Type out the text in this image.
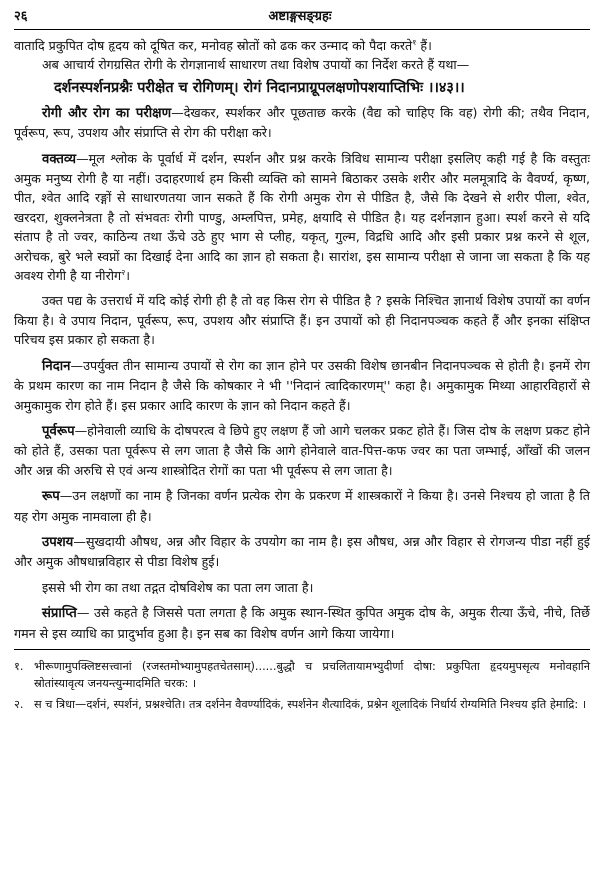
२६	अष्टाङ्गसङ्ग्रहः

वातादि प्रकुपित दोष हृदय को दूषित कर, मनोवह स्रोतों को ढक कर उन्माद को पैदा करते$^१$ हैं।

अब आचार्य रोगग्रसित रोगी के रोगज्ञानार्थ साधारण तथा विशेष उपायों का निर्देश करते हैं यथा—

दर्शनस्पर्शनप्रश्नैः परीक्षेत च रोगिणम्। रोगं निदानप्राग्रूपलक्षणोपशयाप्तिभिः ।।४३।।

रोगी और रोग का परीक्षण—देखकर, स्पर्शकर और पूछताछ करके (वैद्य को चाहिए कि वह) रोगी की; तथैव निदान, पूर्वरूप, रूप, उपशय और संप्राप्ति से रोग की परीक्षा करे।

वक्तव्य—मूल श्लोक के पूर्वार्ध में दर्शन, स्पर्शन और प्रश्न करके त्रिविध सामान्य परीक्षा इसलिए कही गई है कि वस्तुतः अमुक मनुष्य रोगी है या नहीं। उदाहरणार्थ हम किसी व्यक्ति को सामने बिठाकर उसके शरीर और मलमूत्रादि के वैवर्ण्य, कृष्ण, पीत, श्वेत आदि रङ्गों से साधारणतया जान सकते हैं कि रोगी अमुक रोग से पीडित है, जैसे कि देखने से शरीर पीला, श्वेत, खरदरा, शुक्लनेत्रता है तो संभवतः रोगी पाण्डु, अम्लपित्त, प्रमेह, क्षयादि से पीडित है। यह दर्शनज्ञान हुआ। स्पर्श करने से यदि संताप है तो ज्वर, काठिन्य तथा ऊँचे उठे हुए भाग से प्लीह, यकृत्, गुल्म, विद्रधि आदि और इसी प्रकार प्रश्न करने से शूल, अरोचक, बुरे भले स्वप्नों का दिखाई देना आदि का ज्ञान हो सकता है। सारांश, इस सामान्य परीक्षा से जाना जा सकता है कि यह अवश्य रोगी है या नीरोग$^२$।

उक्त पद्य के उत्तरार्ध में यदि कोई रोगी ही है तो वह किस रोग से पीडित है ? इसके निश्चित ज्ञानार्थ विशेष उपायों का वर्णन किया है। वे उपाय निदान, पूर्वरूप, रूप, उपशय और संप्राप्ति हैं। इन उपायों को ही निदानपञ्चक कहते हैं और इनका संक्षिप्त परिचय इस प्रकार हो सकता है।

निदान—उपर्युक्त तीन सामान्य उपायों से रोग का ज्ञान होने पर उसकी विशेष छानबीन निदानपञ्चक से होती है। इनमें रोग के प्रथम कारण का नाम निदान है जैसे कि कोषकार ने भी ''निदानं त्वादिकारणम्'' कहा है। अमुकामुक मिथ्या आहारविहारों से अमुकामुक रोग होते हैं। इस प्रकार आदि कारण के ज्ञान को निदान कहते हैं।

पूर्वरूप—होनेवाली व्याधि के दोषपरत्व वे छिपे हुए लक्षण हैं जो आगे चलकर प्रकट होते हैं। जिस दोष के लक्षण प्रकट होने को होते हैं, उसका पता पूर्वरूप से लग जाता है जैसे कि आगे होनेवाले वात-पित्त-कफ ज्वर का पता जम्भाई, आँखों की जलन और अन्न की अरुचि से एवं अन्य शास्त्रोदित रोगों का पता भी पूर्वरूप से लग जाता है।

रूप—उन लक्षणों का नाम है जिनका वर्णन प्रत्येक रोग के प्रकरण में शास्त्रकारों ने किया है। उनसे निश्चय हो जाता है ति यह रोग अमुक नामवाला ही है।

उपशय—सुखदायी औषध, अन्न और विहार के उपयोग का नाम है। इस औषध, अन्न और विहार से रोगजन्य पीडा नहीं हुई और अमुक औषधान्नविहार से पीडा विशेष हुई।

इससे भी रोग का तथा तद्गत दोषविशेष का पता लग जाता है।

संप्राप्ति— उसे कहते है जिससे पता लगता है कि अमुक स्थान-स्थित कुपित अमुक दोष के, अमुक रीत्या ऊँचे, नीचे, तिर्छे गमन से इस व्याधि का प्रादुर्भाव हुआ है। इन सब का विशेष वर्णन आगे किया जायेगा।

१. भीरूणामुपक्लिष्टसत्त्वानां (रजस्तमोभ्यामुपहतचेतसाम्)......बुद्धौ च प्रचलितायामभ्युदीर्णा दोषा: प्रकुपिता हृदयमुपसृत्य मनोवहानि स्रोतांस्यावृत्य जनयन्त्युन्मादमिति चरक: ।
२. स च त्रिधा—दर्शनं, स्पर्शनं, प्रश्नश्चेति। तत्र दर्शनेन वैवर्ण्यादिकं, स्पर्शनेन शैत्यादिकं, प्रश्नेन शूलादिकं निर्धार्य रोग्यमिति निश्चय इति हेमाद्रि: ।
